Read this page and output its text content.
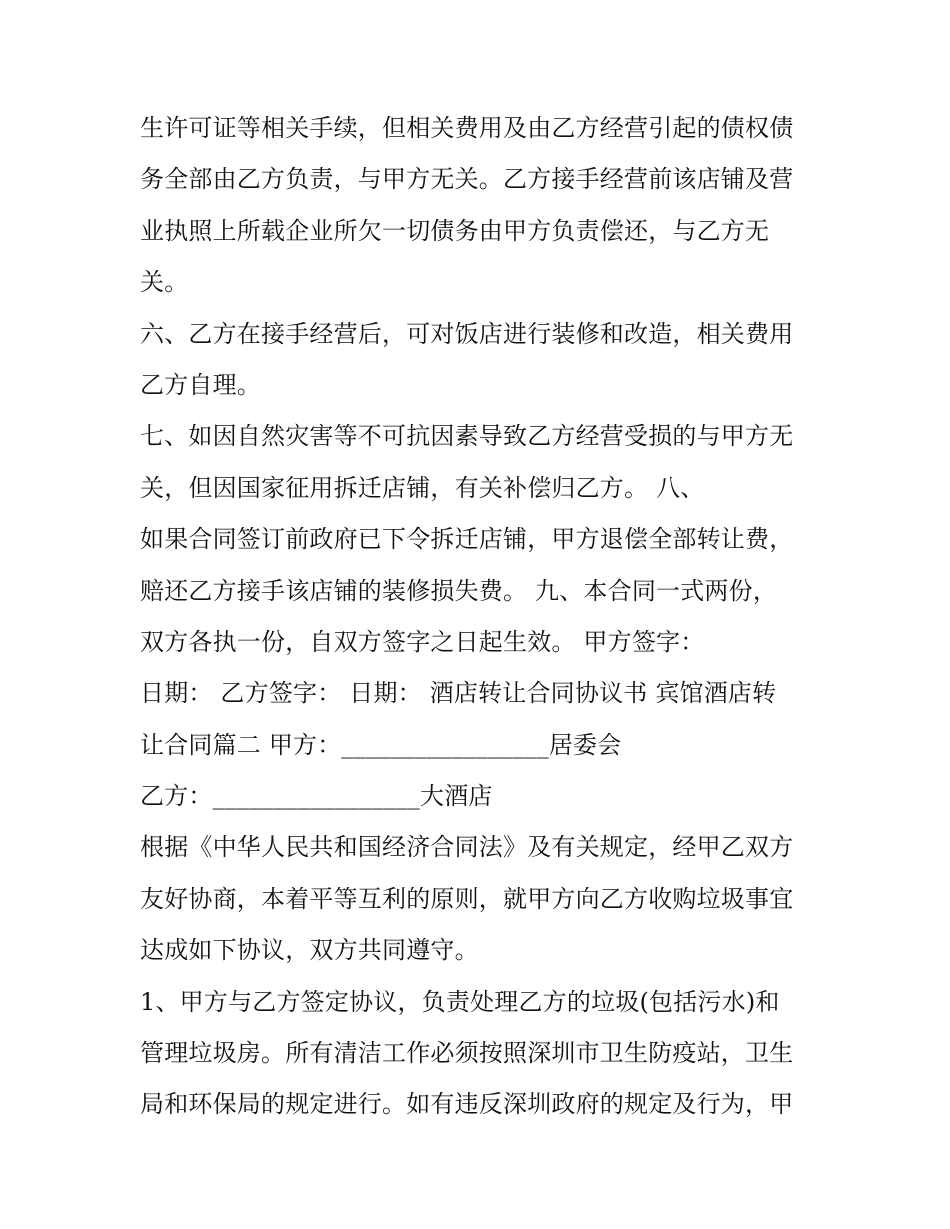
生许可证等相关手续，但相关费用及由乙方经营引起的债权债
务全部由乙方负责，与甲方无关。乙方接手经营前该店铺及营
业执照上所载企业所欠一切债务由甲方负责偿还，与乙方无
关。
六、乙方在接手经营后，可对饭店进行装修和改造，相关费用
乙方自理。
七、如因自然灾害等不可抗因素导致乙方经营受损的与甲方无
关，但因国家征用拆迁店铺，有关补偿归乙方。 八、
如果合同签订前政府已下令拆迁店铺，甲方退偿全部转让费，
赔还乙方接手该店铺的装修损失费。 九、本合同一式两份，
双方各执一份，自双方签字之日起生效。 甲方签字：
日期： 乙方签字： 日期： 酒店转让合同协议书 宾馆酒店转
让合同篇二 甲方：_________________居委会
乙方：_________________大酒店
根据《中华人民共和国经济合同法》及有关规定，经甲乙双方
友好协商，本着平等互利的原则，就甲方向乙方收购垃圾事宜
达成如下协议，双方共同遵守。
1、甲方与乙方签定协议，负责处理乙方的垃圾(包括污水)和
管理垃圾房。所有清洁工作必须按照深圳市卫生防疫站，卫生
局和环保局的规定进行。如有违反深圳政府的规定及行为，甲
